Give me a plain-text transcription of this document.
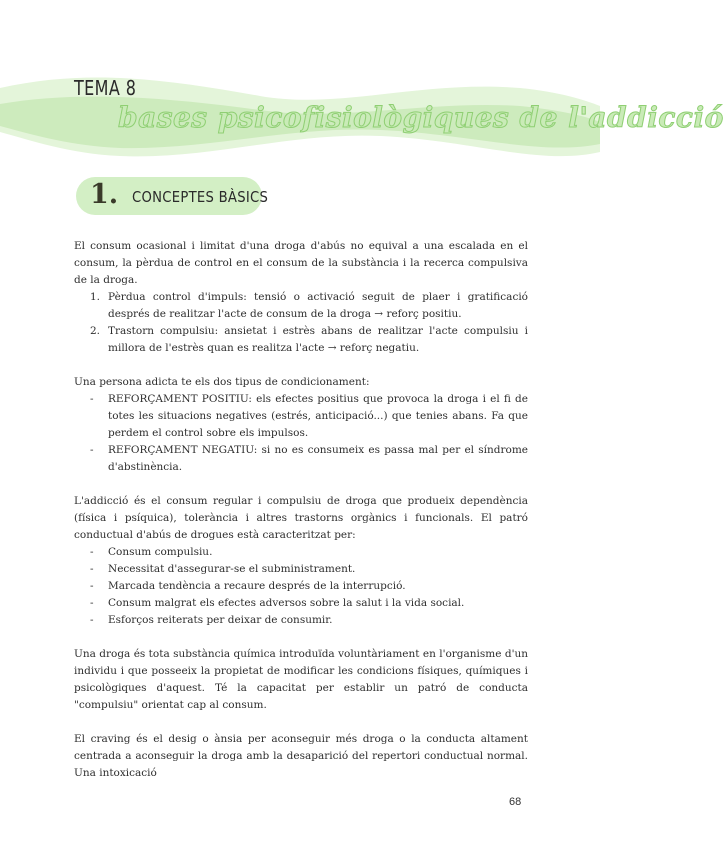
TEMA 8
bases psicofisiològiques de l'addicció
1. CONCEPTES BÀSICS

El consum ocasional i limitat d'una droga d'abús no equival a una escalada en el consum, la pèrdua de control en el consum de la substància i la recerca compulsiva de la droga.

1. Pèrdua control d'impuls: tensió o activació seguit de plaer i gratificació després de realitzar l'acte de consum de la droga → reforç positiu.
2. Trastorn compulsiu: ansietat i estrès abans de realitzar l'acte compulsiu i millora de l'estrès quan es realitza l'acte → reforç negatiu.

Una persona adicta te els dos tipus de condicionament:

- REFORÇAMENT POSITIU: els efectes positius que provoca la droga i el fi de totes les situacions negatives (estrés, anticipació...) que tenies abans. Fa que perdem el control sobre els impulsos.
- REFORÇAMENT NEGATIU: si no es consumeix es passa mal per el síndrome d'abstinència.

L'addicció és el consum regular i compulsiu de droga que produeix dependència (física i psíquica), tolerància i altres trastorns orgànics i funcionals. El patró conductual d'abús de drogues està caracteritzat per:

- Consum compulsiu.
- Necessitat d'assegurar-se el subministrament.
- Marcada tendència a recaure després de la interrupció.
- Consum malgrat els efectes adversos sobre la salut i la vida social.
- Esforços reiterats per deixar de consumir.

Una droga és tota substància química introduïda voluntàriament en l'organisme d'un individu i que posseeix la propietat de modificar les condicions físiques, químiques i psicològiques d'aquest. Té la capacitat per establir un patró de conducta "compulsiu" orientat cap al consum.

El craving és el desig o ànsia per aconseguir més droga o la conducta altament centrada a aconseguir la droga amb la desaparició del repertori conductual normal. Una intoxicació

68
